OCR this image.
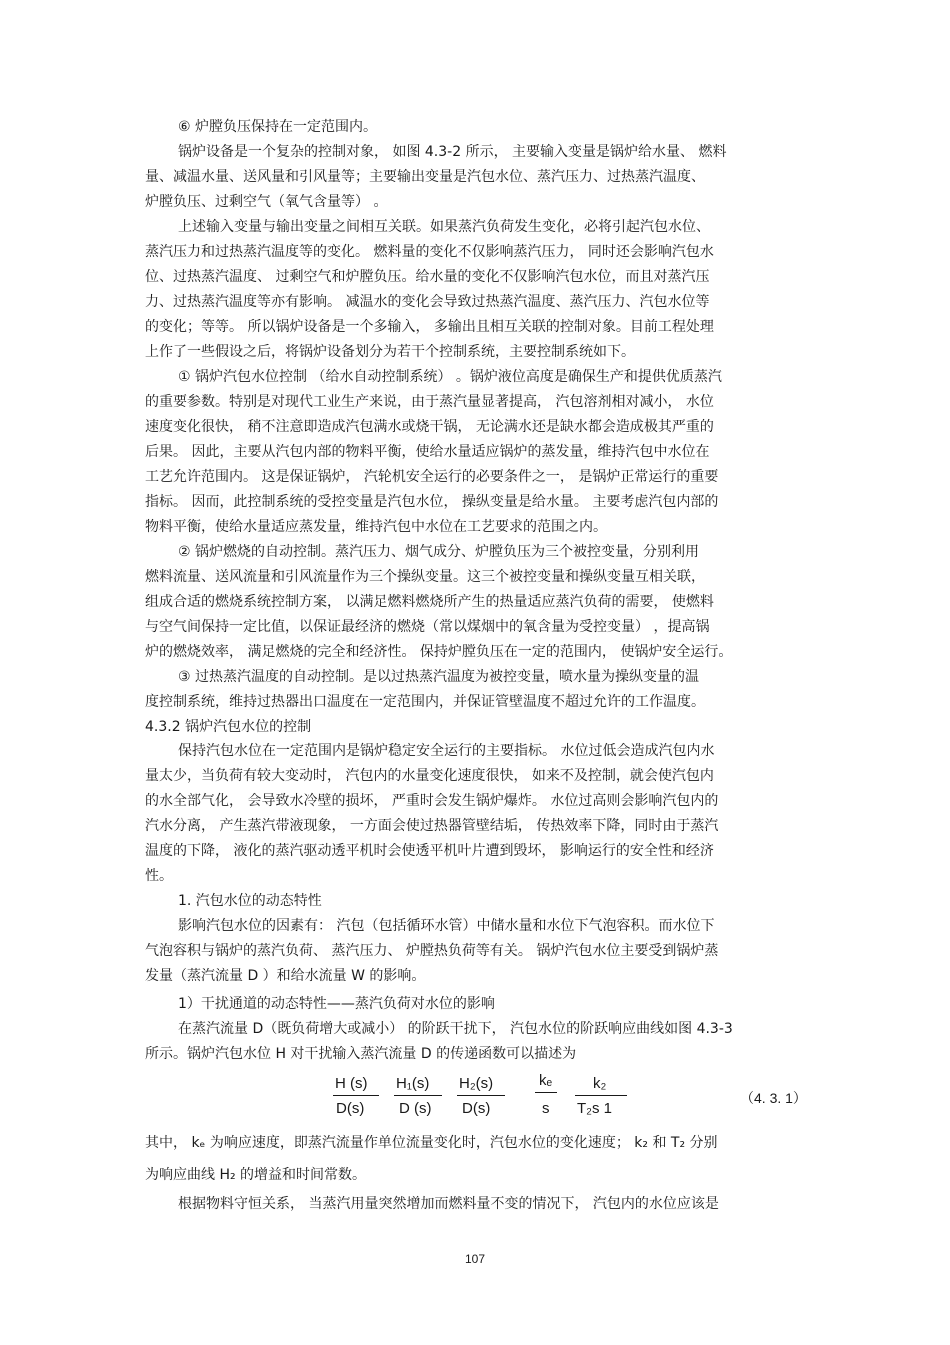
⑥ 炉膛负压保持在一定范围内。
锅炉设备是一个复杂的控制对象， 如图 4.3-2 所示， 主要输入变量是锅炉给水量、 燃料
量、减温水量、送风量和引风量等；主要输出变量是汽包水位、蒸汽压力、过热蒸汽温度、
炉膛负压、过剩空气（氧气含量等） 。
上述输入变量与输出变量之间相互关联。如果蒸汽负荷发生变化，必将引起汽包水位、
蒸汽压力和过热蒸汽温度等的变化。 燃料量的变化不仅影响蒸汽压力， 同时还会影响汽包水
位、过热蒸汽温度、 过剩空气和炉膛负压。给水量的变化不仅影响汽包水位，而且对蒸汽压
力、过热蒸汽温度等亦有影响。 减温水的变化会导致过热蒸汽温度、蒸汽压力、汽包水位等
的变化；等等。 所以锅炉设备是一个多输入， 多输出且相互关联的控制对象。目前工程处理
上作了一些假设之后，将锅炉设备划分为若干个控制系统，主要控制系统如下。
① 锅炉汽包水位控制 （给水自动控制系统） 。锅炉液位高度是确保生产和提供优质蒸汽
的重要参数。特别是对现代工业生产来说，由于蒸汽量显著提高， 汽包溶剂相对减小， 水位
速度变化很快， 稍不注意即造成汽包满水或烧干锅， 无论满水还是缺水都会造成极其严重的
后果。 因此，主要从汽包内部的物料平衡，使给水量适应锅炉的蒸发量，维持汽包中水位在
工艺允许范围内。 这是保证锅炉， 汽轮机安全运行的必要条件之一， 是锅炉正常运行的重要
指标。 因而，此控制系统的受控变量是汽包水位， 操纵变量是给水量。 主要考虑汽包内部的
物料平衡，使给水量适应蒸发量，维持汽包中水位在工艺要求的范围之内。
② 锅炉燃烧的自动控制。蒸汽压力、烟气成分、炉膛负压为三个被控变量，分别利用
燃料流量、送风流量和引风流量作为三个操纵变量。这三个被控变量和操纵变量互相关联，
组成合适的燃烧系统控制方案， 以满足燃料燃烧所产生的热量适应蒸汽负荷的需要， 使燃料
与空气间保持一定比值，以保证最经济的燃烧（常以煤烟中的氧含量为受控变量） ，提高锅
炉的燃烧效率， 满足燃烧的完全和经济性。 保持炉膛负压在一定的范围内， 使锅炉安全运行。
③ 过热蒸汽温度的自动控制。是以过热蒸汽温度为被控变量，喷水量为操纵变量的温
度控制系统，维持过热器出口温度在一定范围内，并保证管壁温度不超过允许的工作温度。
4.3.2 锅炉汽包水位的控制
保持汽包水位在一定范围内是锅炉稳定安全运行的主要指标。 水位过低会造成汽包内水
量太少，当负荷有较大变动时， 汽包内的水量变化速度很快， 如来不及控制，就会使汽包内
的水全部气化， 会导致水冷壁的损坏， 严重时会发生锅炉爆炸。 水位过高则会影响汽包内的
汽水分离， 产生蒸汽带液现象， 一方面会使过热器管壁结垢， 传热效率下降，同时由于蒸汽
温度的下降， 液化的蒸汽驱动透平机时会使透平机叶片遭到毁坏， 影响运行的安全性和经济
性。
1. 汽包水位的动态特性
影响汽包水位的因素有： 汽包（包括循环水管）中储水量和水位下气泡容积。而水位下
气泡容积与锅炉的蒸汽负荷、 蒸汽压力、 炉膛热负荷等有关。 锅炉汽包水位主要受到锅炉蒸
发量（蒸汽流量 D ）和给水流量 W 的影响。
1）干扰通道的动态特性——蒸汽负荷对水位的影响
在蒸汽流量 D（既负荷增大或减小） 的阶跃干扰下， 汽包水位的阶跃响应曲线如图 4.3-3
所示。锅炉汽包水位 H 对干扰输入蒸汽流量 D 的传递函数可以描述为
H (s)
D(s)
H₁(s)
D (s)
H₂(s)
D(s)
kₑ
s
k₂
T₂s 1
（4. 3. 1）
其中， kₑ 为响应速度，即蒸汽流量作单位流量变化时，汽包水位的变化速度； k₂ 和 T₂ 分别
为响应曲线 H₂ 的增益和时间常数。
根据物料守恒关系， 当蒸汽用量突然增加而燃料量不变的情况下， 汽包内的水位应该是
107
